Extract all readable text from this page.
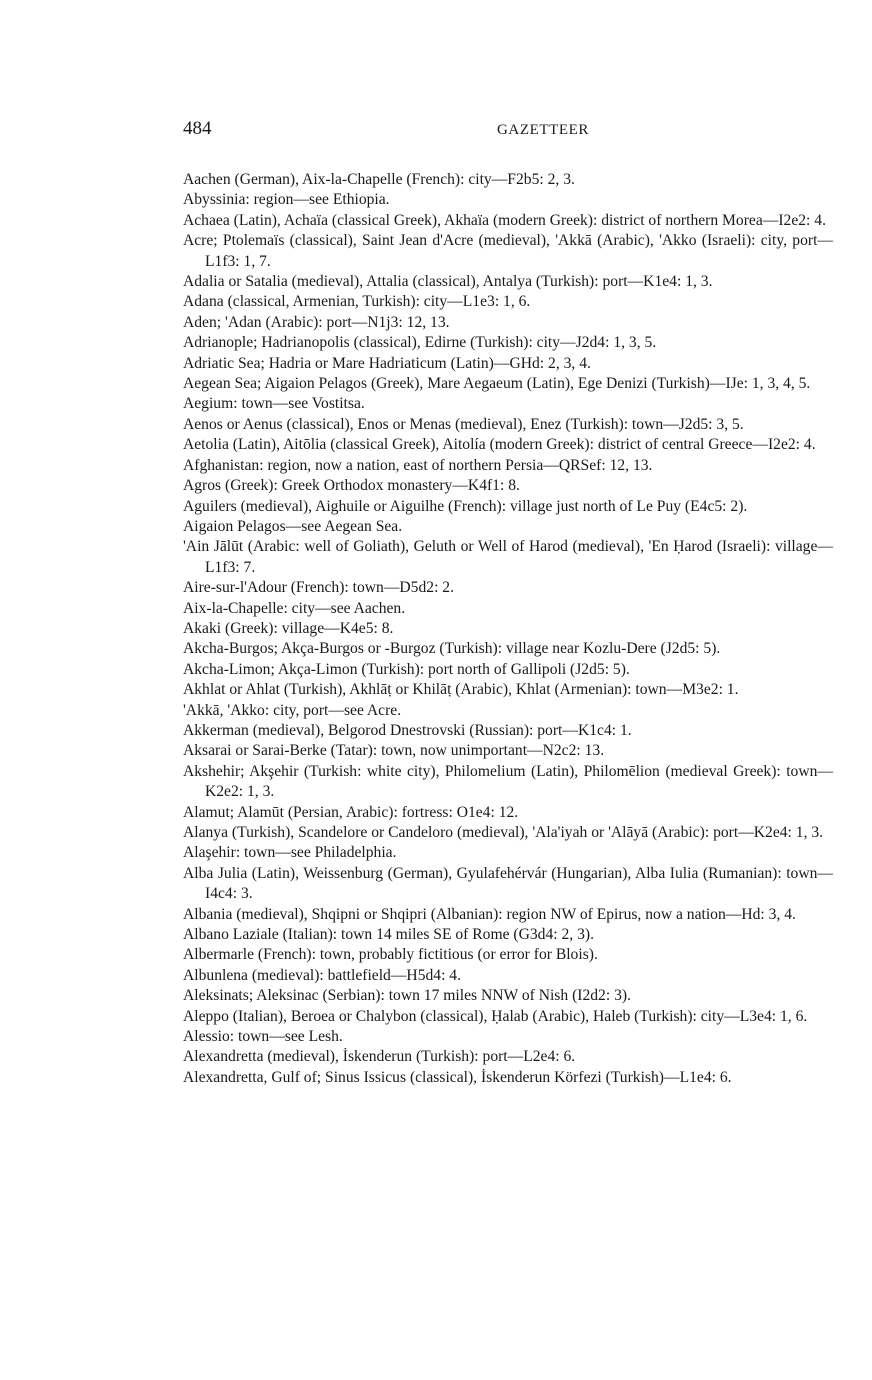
484	GAZETTEER

Aachen (German), Aix-la-Chapelle (French): city—F2b5: 2, 3.

Abyssinia: region—see Ethiopia.

Achaea (Latin), Achaïa (classical Greek), Akhaïa (modern Greek): district of northern Morea—I2e2: 4.

Acre; Ptolemaïs (classical), Saint Jean d'Acre (medieval), 'Akkā (Arabic), 'Akko (Israeli): city, port—L1f3: 1, 7.

Adalia or Satalia (medieval), Attalia (classical), Antalya (Turkish): port—K1e4: 1, 3.

Adana (classical, Armenian, Turkish): city—L1e3: 1, 6.

Aden; 'Adan (Arabic): port—N1j3: 12, 13.

Adrianople; Hadrianopolis (classical), Edirne (Turkish): city—J2d4: 1, 3, 5.

Adriatic Sea; Hadria or Mare Hadriaticum (Latin)—GHd: 2, 3, 4.

Aegean Sea; Aigaion Pelagos (Greek), Mare Aegaeum (Latin), Ege Denizi (Turkish)—IJe: 1, 3, 4, 5.

Aegium: town—see Vostitsa.

Aenos or Aenus (classical), Enos or Menas (medieval), Enez (Turkish): town—J2d5: 3, 5.

Aetolia (Latin), Aitōlia (classical Greek), Aitolía (modern Greek): district of central Greece—I2e2: 4.

Afghanistan: region, now a nation, east of northern Persia—QRSef: 12, 13.

Agros (Greek): Greek Orthodox monastery—K4f1: 8.

Aguilers (medieval), Aighuile or Aiguilhe (French): village just north of Le Puy (E4c5: 2).

Aigaion Pelagos—see Aegean Sea.

'Ain Jālūt (Arabic: well of Goliath), Geluth or Well of Harod (medieval), 'En Ḥarod (Israeli): village—L1f3: 7.

Aire-sur-l'Adour (French): town—D5d2: 2.

Aix-la-Chapelle: city—see Aachen.

Akaki (Greek): village—K4e5: 8.

Akcha-Burgos; Akça-Burgos or -Burgoz (Turkish): village near Kozlu-Dere (J2d5: 5).

Akcha-Limon; Akça-Limon (Turkish): port north of Gallipoli (J2d5: 5).

Akhlat or Ahlat (Turkish), Akhlāṭ or Khilāṭ (Arabic), Khlat (Armenian): town—M3e2: 1.

'Akkā, 'Akko: city, port—see Acre.

Akkerman (medieval), Belgorod Dnestrovski (Russian): port—K1c4: 1.

Aksarai or Sarai-Berke (Tatar): town, now unimportant—N2c2: 13.

Akshehir; Akşehir (Turkish: white city), Philomelium (Latin), Philomēlion (medieval Greek): town—K2e2: 1, 3.

Alamut; Alamūt (Persian, Arabic): fortress: O1e4: 12.

Alanya (Turkish), Scandelore or Candeloro (medieval), 'Ala'iyah or 'Alāyā (Arabic): port—K2e4: 1, 3.

Alaşehir: town—see Philadelphia.

Alba Julia (Latin), Weissenburg (German), Gyulafehérvár (Hungarian), Alba Iulia (Rumanian): town—I4c4: 3.

Albania (medieval), Shqipni or Shqipri (Albanian): region NW of Epirus, now a nation—Hd: 3, 4.

Albano Laziale (Italian): town 14 miles SE of Rome (G3d4: 2, 3).

Albermarle (French): town, probably fictitious (or error for Blois).

Albunlena (medieval): battlefield—H5d4: 4.

Aleksinats; Aleksinac (Serbian): town 17 miles NNW of Nish (I2d2: 3).

Aleppo (Italian), Beroea or Chalybon (classical), Ḥalab (Arabic), Haleb (Turkish): city—L3e4: 1, 6.

Alessio: town—see Lesh.

Alexandretta (medieval), İskenderun (Turkish): port—L2e4: 6.

Alexandretta, Gulf of; Sinus Issicus (classical), İskenderun Körfezi (Turkish)—L1e4: 6.
